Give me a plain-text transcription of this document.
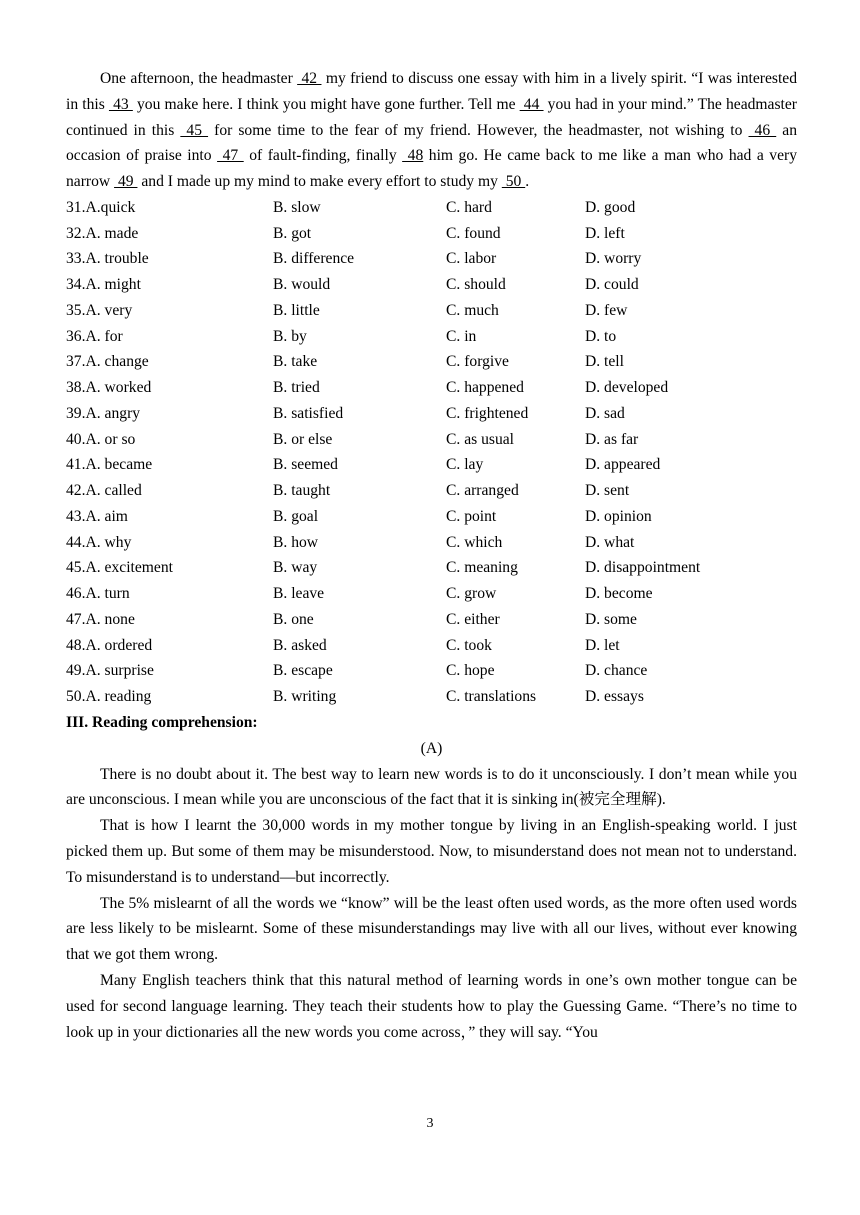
One afternoon, the headmaster  42  my friend to discuss one essay with him in a lively spirit. “I was interested in this  43  you make here. I think you might have gone further. Tell me  44  you had in your mind.” The headmaster continued in this  45  for some time to the fear of my friend. However, the headmaster, not wishing to  46  an occasion of praise into  47  of fault-finding, finally  48 him go. He came back to me like a man who had a very narrow  49  and I made up my mind to make every effort to study my  50 .

31.A.quick	B. slow	C. hard	D. good
32.A. made	B. got	C. found	D. left
33.A. trouble	B. difference	C. labor	D. worry
34.A. might	B. would	C. should	D. could
35.A. very	B. little	C. much	D. few
36.A. for	B. by	C. in	D. to
37.A. change	B. take	C. forgive	D. tell
38.A. worked	B. tried	C. happened	D. developed
39.A. angry	B. satisfied	C. frightened	D. sad
40.A. or so	B. or else	C. as usual	D. as far
41.A. became	B. seemed	C. lay	D. appeared
42.A. called	B. taught	C. arranged	D. sent
43.A. aim	B. goal	C. point	D. opinion
44.A. why	B. how	C. which	D. what
45.A. excitement	B. way	C. meaning	D. disappointment
46.A. turn	B. leave	C. grow	D. become
47.A. none	B. one	C. either	D. some
48.A. ordered	B. asked	C. took	D. let
49.A. surprise	B. escape	C. hope	D. chance
50.A. reading	B. writing	C. translations	D. essays
III. Reading comprehension:
(A)

There is no doubt about it. The best way to learn new words is to do it unconsciously. I don’t mean while you are unconscious. I mean while you are unconscious of the fact that it is sinking in(被完全理解).

That is how I learnt the 30,000 words in my mother tongue by living in an English-speaking world. I just picked them up. But some of them may be misunderstood. Now, to misunderstand does not mean not to understand. To misunderstand is to understand—but incorrectly.

The 5% mislearnt of all the words we “know” will be the least often used words, as the more often used words are less likely to be mislearnt. Some of these misunderstandings may live with all our lives, without ever knowing that we got them wrong.

Many English teachers think that this natural method of learning words in one’s own mother tongue can be used for second language learning. They teach their students how to play the Guessing Game. “There’s no time to look up in your dictionaries all the new words you come across，” they will say. “You

3
